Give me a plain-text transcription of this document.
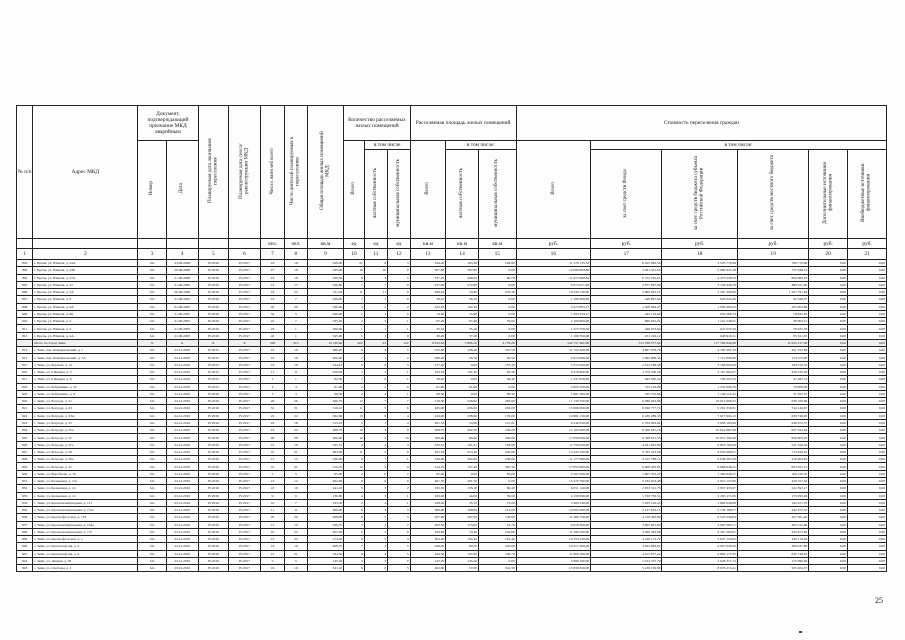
№ п/п	Адрес МКД	Документ, подтверждающий признание МКД аварийным		Планируемая дата окончания переселения	Планируемая дата сноса/реконструкции МКД	Число жителей всего	Число жителей планируемых к переселению	Общая площадь жилых помещений МКД	Количество расселяемых жилых помещений			Расселяемая площадь жилых помещений			Стоимость переселения граждан					
		Номер	Дата						Всего	в том числе		Всего	в том числе:		Всего	в том числе:				
										частная собственность	муниципальная собственность		частная собственность	муниципальная собственность		за счет средств Фонда	за счет средств бюджета субъекта Российской Федерации	за счет средств местного бюджета	Дополнительные источники финансирования	Внебюджетные источники финансирования
						чел.	чел.	кв.м	ед	ед	ед	кв.м	кв.м	кв.м	руб.	руб.	руб.	руб.	руб.	руб.
1	2	3	4	5	6	7	8	9	10	11	12	13	14	15	16	17	18	19	20	21
802	г. Бреты, ул. Южная, д. 43А	б/н	23.09.2008	IV.2016	IV.2017	18	18	529,00	21	8	3	544,20	193,30	162,90	11 579 135,53	6 452 982,59	3 525 778,28	780 770,66	0,00	0,00
803	г. Бреты, ул. Южная, д. 43Б	б/н	29.08.2008	IV.2016	IV.2017	27	18	535,90	10	10	0	307,80	307,80	0,00	12 086 983,88	5 921 331,59	5 689 423,18	757 648,13	0,00	0,00
804	г. Бреты, ул. Южная, д. 47А	б/н	21.08.2008	IV.2016	IV.2017	23	18	528,50	8	3	5	337,20	296,00	80,70	11 972 980,84	6 572 762,61	4 470 238,53	809 980,23	0,00	0,00
805	г. Бреты, ул. Южная, д. 47	б/н	21.09.2005	IV.2016	IV.2017	14	17	526,80	7	7	0	227,00	272,00	0,00	6 074 671,96	2 877 697,99	3 158 446,79	869 911,00	0,00	0,00
806	г. Бреты, ул. Южная, д. 3А	б/н	20.09.2009	IV.2016	IV.2017	18	23	511,40	11	11	0	480,40	16,80	278,30	10 230 749,00	5 669 842,57	5 267 396,99	1 297 791,64	0,00	0,00
807	г. Бреты, ул. Южная, д. 9	б/н	21.08.2005	IV.2016	IV.2017	19	7	526,00	1	1	0	38,10	38,10	0,00	1 186 380,00	448 997,64	645 024,29	92 348,37	0,00	0,00
808	г. Бреты, ул. Южная, д. 9А	б/н	01.08.2005	IV.2016	IV.2017	20	20	530,00	3	2	2	322,10	102,30	0,00	3 473 803,17	1 308 964,47	1 999 483,22	205 604,86	0,00	0,00
809	г. Бреты, ул. Южная, д. 9Б	б/н	21.09.2005	IV.2016	IV.2017	34	5	640,00	1	1	0	74,90	74,90	0,00	1 283 534,17	443 110,00	659 568,74	78 845,83	0,00	0,00
810	г. Бреты, ул. Южная, д. 2	б/н	21.09.2005	IV.2016	IV.2017	22	7	535,20	2	2	1	67,20	67,40	79,00	2 109 809,00	869 055,02	1 221 548,01	38 903,21	0,00	0,00
811	г. Бреты, ул. Южная, д. 4	б/н	21.09.2005	IV.2016	IV.2017	23	1	500,00	1	1	1	35,10	35,10	0,00	1 272 558,50	448 972,64	647 070,29	78 925,33	0,00	0,00
812	г. Бреты, ул. Южная, д. 4А	б/н	21.09.2005	IV.2016	IV.2017	40	1	545,00	1	1	0	38,20	37,20	0,00	1 189 760,00	451 226,12	648 910,11	85 611,67	0,00	0,00
	Итого по Город Зима	Х	Х	Х	Х	528	313	12 130,60	202	91	122	9 615,63	5 886,10	3 179,28	544 757 461,00	313 338 577,94	177 794 942,68	11 622 217,48	0,00	0,00
813	г. Зима, пер. Коммунальный, д. 7	б/н	23.12.2010	IV.2015	IV.2017	16	16	280,20	8	2	5	345,80	128,40	210,50	11 722 420,00	4 867 879,79	4 783 291,32	421 553,89	0,00	0,00
814	г. Зима, пер. Коммунальный, д. 7А	б/н	24.12.2010	IV.2015	IV.2017	16	16	400,00	7	1	2	280,20	28,70	40,50	2 614 960,00	1 092 096,34	1 711 808,46	173 573,00	0,00	0,00
815	г. Зима, ул. Бурлова, д. 12	б/н	23.12.2010	IV.2015	IV.2017	18	18	244,10	6	6	5	157,20	0,00	157,20	5 513 260,00	2 614 186,48	3 168 992,00	194 310,52	0,00	0,00
816	г. Зима, ул. 9 Января, д. 5	б/н	23.12.2010	IV.2015	IV.2017	11	11	226,00	4	3	1	193,50	101,20	92,30	6 276 660,00	2 579 336,26	3 167 802,67	229 535,29	0,00	0,00
817	г. Зима, ул. 9 Января, д. 6	б/н	23.12.2010	IV.2015	IV.2017	1	1	82,30	1	0	1	38,40	0,00	38,40	1 237 820,00	492 050,24	706 407,52	37 462,74	0,00	0,00
818	г. Зима, ул. Бабушкина, д. 35	б/н	23.12.2010	IV.2015	IV.2017	4	4	61,90	2	2	0	61,90	61,90	0,00	2 002 250,00	723 116,09	1 232 606,76	76 908,09	0,00	0,00
819	г. Зима, ул. Бабушкина, д. 6	б/н	23.12.2010	IV.2016	IV.2017	3	3	98,30	2	2	1	98,30	0,00	98,30	1 987 390,00	765 702,86	1 149 521,42	31 955,72	0,00	0,00
820	г. Зима, ул. Бограда, д. 21	б/н	24.12.2010	IV.2016	IV.2017	26	26	566,70	12	7	7	516,30	228,90	285,60	17 139 750,00	6 480 643,86	10 015 996,52	638 109,60	0,00	0,00
821	г. Зима, ул. Бограда, д. 23	б/н	24.12.2010	IV.2016	IV.2017	31	31	516,10	11	5	6	465,90	206,60	263,00	15 086 000,00	6 920 777,72	5 201 332,81	744 149,67	0,00	0,00
822	г. Зима, ул. Бограда, д. 23А	б/н	24.12.2010	IV.2016	IV.2017	22	22	502,99	13	8	4	416,00	238,90	176,00	14 981 150,00	6 430 289,33	7 917 694,12	630 746,05	0,00	0,00
823	г. Зима, ул. Бограда, д. 25	б/н	24.12.2010	IV.2016	IV.2017	18	18	515,23	5	1	4	201,33	53,99	147,21	6 540 050,00	2 554 993,84	3 958 183,99	246 672,57	0,00	0,00
824	г. Зима, ул. Бограда, д. 25а	б/н	23.12.2010	IV.2016	IV.2017	23	23	508,70	12	3	9	508,70	402,50	106,20	17 163 260,00	6 500 047,10	10 021 687,99	627 524,02	0,00	0,00
825	г. Зима, ул. Бограда, д. 27	б/н	23.12.2010	IV.2016	IV.2017	28	28	500,00	12	2	10	500,00	64,00	449,00	17 050 630,00	6 528 611,53	10 051 399,46	620 603,05	0,00	0,00
826	г. Зима, ул. Бограда, д. 27а	б/н	24.12.2010	IV.2016	IV.2017	16	16	345,31	4	4	4	345,31	161,21	183,00	11 759 020,00	4 421 661,80	6 816 160,56	521 190,34	0,00	0,00
827	г. Зима, ул. Бограда, д. 29	б/н	24.12.2010	IV.2016	IV.2017	31	31	483,90	11	5	6	452,50	213,40	240,90	15 445 320,00	5 795 223,06	8 935 480,01	714 626,61	0,00	0,00
828	г. Зима, ул. Бограда, д. 29а	б/н	24.12.2010	IV.2016	IV.2017	15	15	336,00	8	7	1	336,00	302,00	258,00	11 177 060,00	4 312 788,14	6 648 267,28	416 004,65	0,00	0,00
829	г. Зима, ул. Бограда, д. 31	б/н	23.12.2010	IV.2016	IV.2017	31	31	516,70	12	3	9	514,70	157,40	367,30	17 055 680,00	6 608 405,91	9 868 646,51	823 025,15	0,00	0,00
830	г. Зима, ул. Воробьева, д. 16	б/н	23.12.2010	IV.2016	IV.2017	5	5	85,00	2	0	2	85,00	0,00	85,00	2 597 000,00	1 007 352,27	1 360 649,27	109 156,76	0,00	0,00
831	г. Зима, ул. Кольцевая, д. 14а	б/н	24.12.2010	IV.2016	IV.2017	12	12	402,90	8	6	9	401,50	401,50	0,00	15 570 790,00	5 184 924,48	5 910 127,90	426 257,64	0,00	0,00
832	г. Зима, ул. Кольцевая, д. 14	б/н	23.12.2010	IV.2016	IV.2017	10	10	241,10	5	3	2	195,50	135,10	60,40	6 051 140,00	2 953 312,76	2 857 433,07	241 393,17	0,00	0,00
833	г. Зима, ул. Кольцевая, д. 12	б/н	23.12.2010	IV.2016	IV.2017	9	9	136,80	4	3	1	109,00	44,00	59,00	4 158 090,00	1 720 756,54	2 263 171,09	173 093,26	0,00	0,00
834	г. Зима, ул. Краснокоммунарная, д. 111	б/н	23.12.2010	IV.2016	IV.2017	10	7	333,30	2	2	1	108,20	35,10	73,20	3 200 140,00	1 265 120,23	1 892 048,68	102 971,70	0,00	0,00
835	г. Зима, ул. Краснокоммунарная, д. 131а	б/н	23.12.2010	IV.2016	IV.2017	11	11	300,00	6	3	3	300,00	168,00	212,00	10 095 260,00	4 127 652,15	5 734 168,77	442 375,52	0,00	0,00
836	г. Зима, ул. Краснофлотская, д. 153	б/н	23.12.2010	IV.2016	IV.2017	20	20	268,00	8	5	5	207,90	207,90	130,80	11 486 750,00	4 519 432,80	6 523 536,84	457 581,40	0,00	0,00
837	г. Зима, ул. Краснокоммунарная, д. 154а	б/н	23.12.2010	IV.2016	IV.2017	12	12	326,70	3	3	2	202,50	173,00	22,70	9 018 300,00	3 805 601,60	4 967 383,71	405 012,66	0,00	0,00
838	г. Зима, ул. Краснокоммунарная, д. 157	б/н	23.12.2010	IV.2016	IV.2017	25	25	405,50	6	2	6	334,60	79,40	254,80	11 299 560,00	4 566 343,88	6 567 283,81	435 973,82	0,00	0,00
839	г. Зима, ул. Краснофлотская, д. 1	б/н	24.12.2010	IV.2016	IV.2017	23	23	274,50	8	5	4	304,40	154,40	181,40	10 353 540,00	4 190 174,72	5 627 123,82	436 116,84	0,00	0,00
840	г. Зима, ул. Краснопартия, д. 2	б/н	24.12.2010	IV.2016	IV.2017	18	18	408,70	7	2	5	296,20	80,20	220,00	10 417 300,00	3 945 883,02	6 097 028,20	389 937,89	0,00	0,00
841	г. Зима, ул. Краснопартия, д. 6	б/н	24.12.2010	IV.2016	IV.2017	21	21	344,50	8	4	5	344,50	147,00	199,70	11 600 180,00	4 415 977,24	6 869 177,35	630 749,81	0,00	0,00
842	г. Зима, ул. Ленина, д. 58	б/н	23.12.2010	IV.2016	IV.2017	5	5	145,20	3	3	0	145,20	145,20	0,00	4 980 160,00	1 914 707,79	2 928 371,72	175 996,49	0,00	0,00
843	г. Зима, ул. Свободы, д. 1	б/н	23.12.2010	IV.2016	IV.2017	19	19	541,10	6	6	5	402,00	57,00	341,30	13 830 820,00	5 239 159,89	8 076 274,41	505 404,37	0,00	0,00
25
